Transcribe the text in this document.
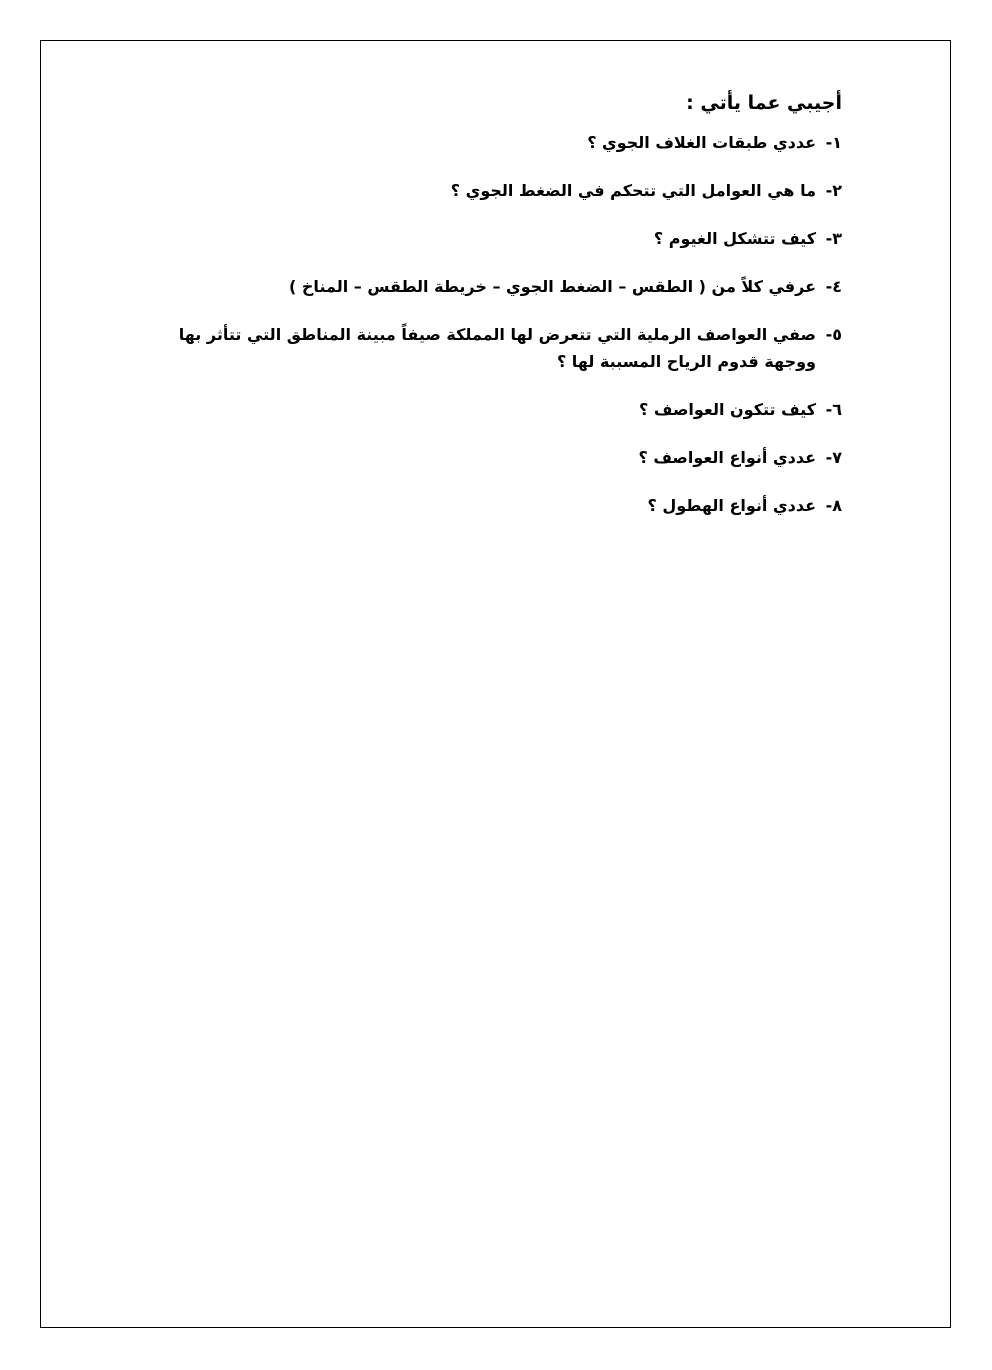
أجيبي عما يأتي :
١-
عددي طبقات الغلاف الجوي ؟
٢-
ما هي العوامل التي تتحكم في الضغط الجوي ؟
٣-
كيف تتشكل الغيوم ؟
٤-
عرفي كلاً من ( الطقس – الضغط الجوي – خريطة الطقس – المناخ )
٥-
صفي العواصف الرملية التي تتعرض لها المملكة صيفاً مبينة المناطق التي تتأثر بها
ووجهة قدوم الرياح المسببة لها ؟
٦-
كيف تتكون العواصف ؟
٧-
عددي أنواع العواصف ؟
٨-
عددي أنواع الهطول ؟
